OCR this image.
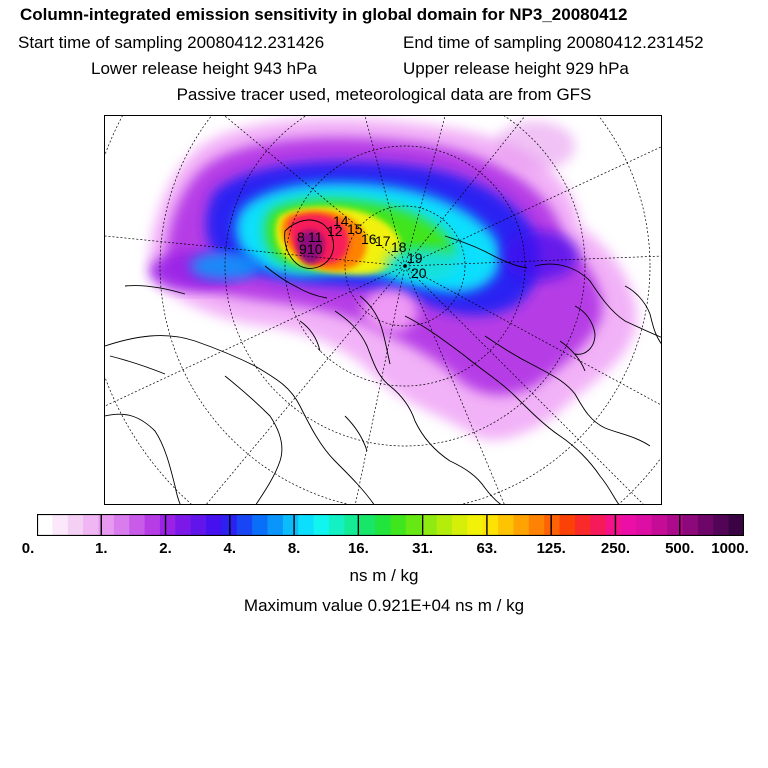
Column-integrated emission sensitivity in global domain for NP3_20080412
Start time of sampling 20080412.231426	End time of sampling 20080412.231452
Lower release height 943 hPa	Upper release height 929 hPa
Passive tracer used, meteorological data are from GFS
8 11 12
14
15
16
17 18
19
20
9 10
0.	1.	2.	4.	8.	16.	31.	63.	125. 250. 500. 1000.
ns m / kg
Maximum value 0.921E+04 ns m / kg
